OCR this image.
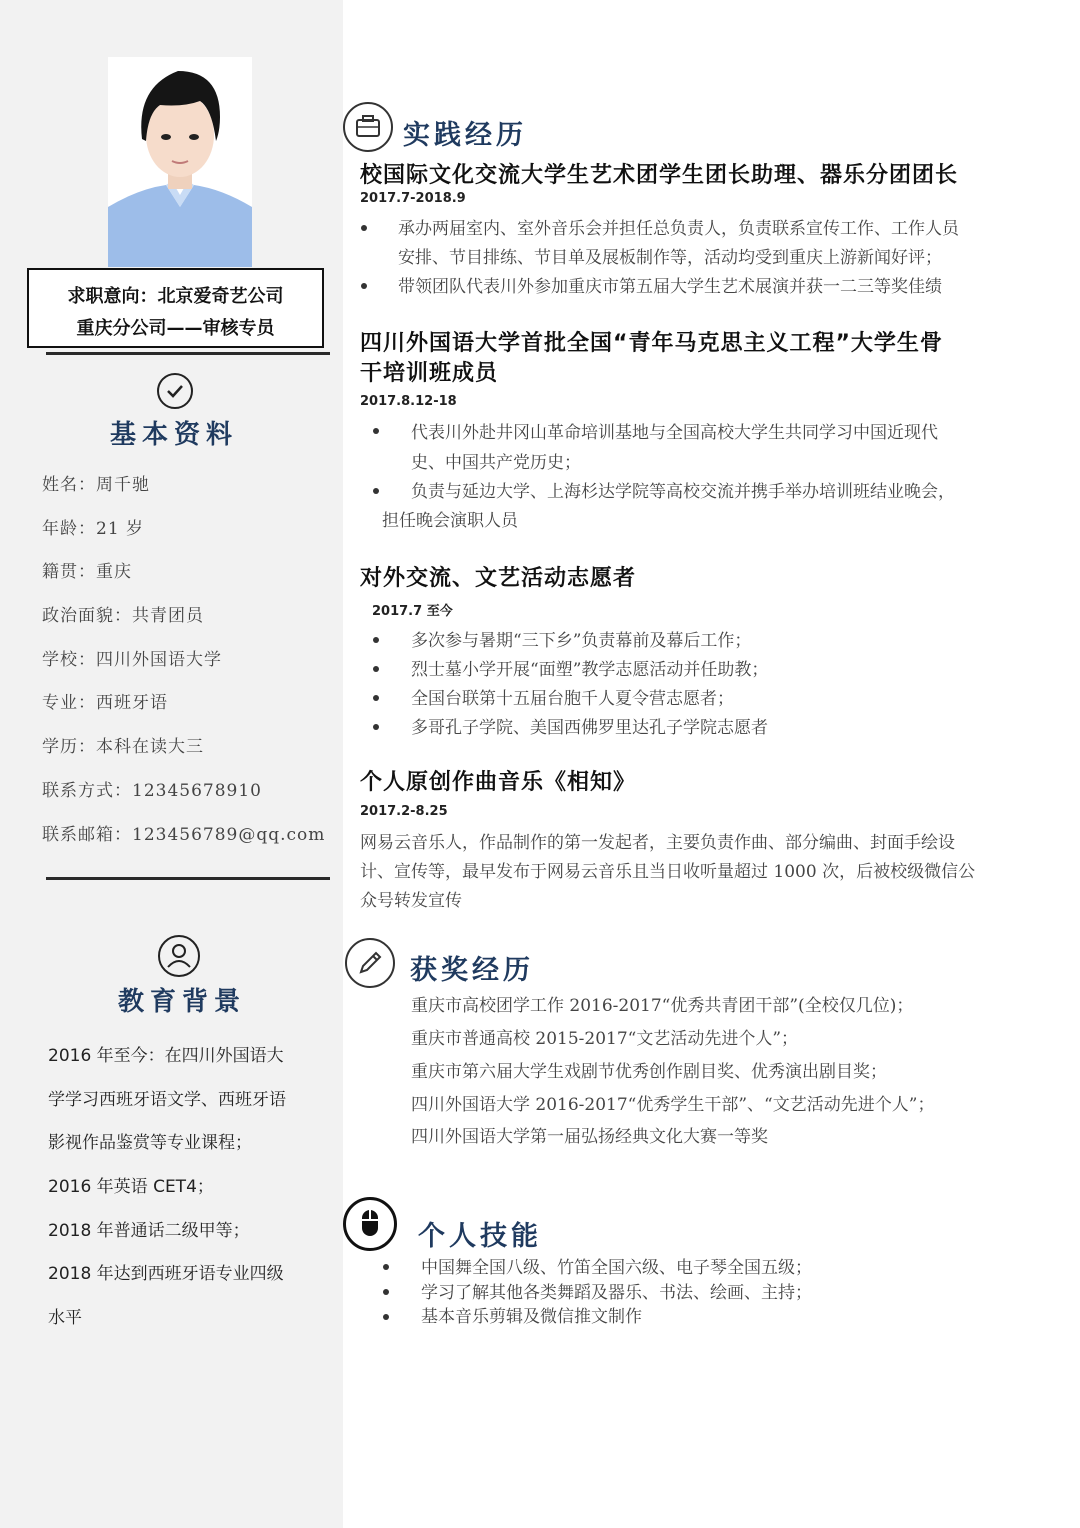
求职意向：北京爱奇艺公司
重庆分公司——审核专员
基本资料
姓名：周千驰
年龄：21 岁
籍贯：重庆
政治面貌：共青团员
学校：四川外国语大学
专业：西班牙语
学历：本科在读大三
联系方式：12345678910
联系邮箱：123456789@qq.com
教育背景
2016 年至今：在四川外国语大
学学习西班牙语文学、西班牙语
影视作品鉴赏等专业课程；
2016 年英语 CET4；
2018 年普通话二级甲等；
2018 年达到西班牙语专业四级
水平
实践经历
校国际文化交流大学生艺术团学生团长助理、器乐分团团长
2017.7-2018.9
承办两届室内、室外音乐会并担任总负责人，负责联系宣传工作、工作人员
安排、节目排练、节目单及展板制作等，活动均受到重庆上游新闻好评；
带领团队代表川外参加重庆市第五届大学生艺术展演并获一二三等奖佳绩
四川外国语大学首批全国“青年马克思主义工程”大学生骨
干培训班成员
2017.8.12-18
代表川外赴井冈山革命培训基地与全国高校大学生共同学习中国近现代
史、中国共产党历史；
负责与延边大学、上海杉达学院等高校交流并携手举办培训班结业晚会，
担任晚会演职人员
对外交流、文艺活动志愿者
2017.7 至今
多次参与暑期“三下乡”负责幕前及幕后工作；
烈士墓小学开展“面塑”教学志愿活动并任助教；
全国台联第十五届台胞千人夏令营志愿者；
多哥孔子学院、美国西佛罗里达孔子学院志愿者
个人原创作曲音乐《相知》
2017.2-8.25
网易云音乐人，作品制作的第一发起者，主要负责作曲、部分编曲、封面手绘设
计、宣传等，最早发布于网易云音乐且当日收听量超过 1000 次，后被校级微信公
众号转发宣传
获奖经历
重庆市高校团学工作 2016-2017“优秀共青团干部”(全校仅几位)；
重庆市普通高校 2015-2017“文艺活动先进个人”；
重庆市第六届大学生戏剧节优秀创作剧目奖、优秀演出剧目奖；
四川外国语大学 2016-2017“优秀学生干部”、“文艺活动先进个人”；
四川外国语大学第一届弘扬经典文化大赛一等奖
个人技能
中国舞全国八级、竹笛全国六级、电子琴全国五级；
学习了解其他各类舞蹈及器乐、书法、绘画、主持；
基本音乐剪辑及微信推文制作
